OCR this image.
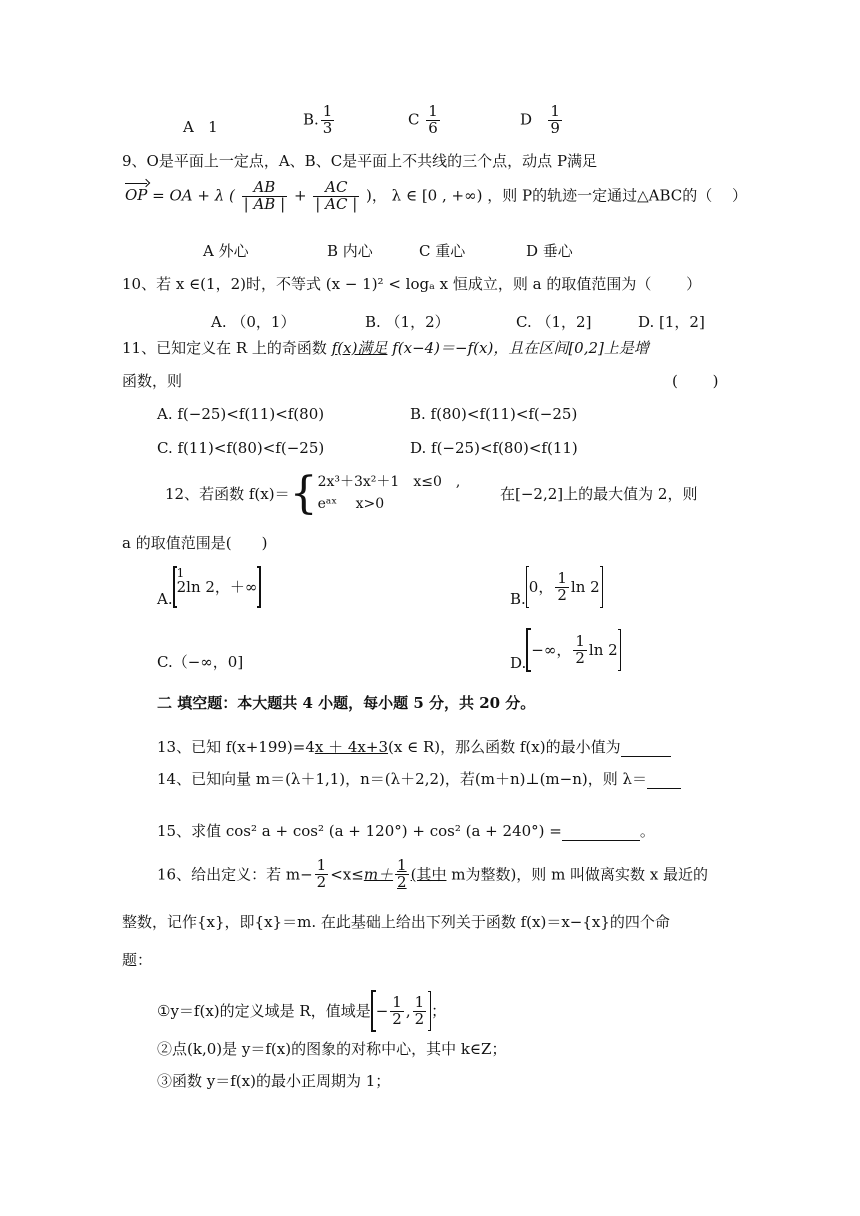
A 1	B. $\frac{1}{3}$	C $\frac{1}{6}$	D $\frac{1}{9}$
9、O是平面上一定点，A、B、C是平面上不共线的三个点，动点 P满足
OP = OA + λ ( $\frac{AB}{| AB |} + \frac{AC}{| AC |}$ )， λ ∈ [0 , +∞) ，则 P的轨迹一定通过△ABC的（　 ）
A 外心	B 内心	C 重心	D 垂心
10、若 x ∈(1，2)时，不等式 (x − 1)² < logₐ x 恒成立，则 a 的取值范围为（　　 ）
A. （0，1）	B. （1，2）	C. （1，2]	D. [1，2]
11、已知定义在 R 上的奇函数 f(x)满足 f(x−4)＝−f(x)，且在区间[0,2]上是增
函数，则	(　　 )
A. f(−25)<f(11)<f(80)	B. f(80)<f(11)<f(−25)
C. f(11)<f(80)<f(−25)	D. f(−25)<f(80)<f(11)
12、若函数 f(x)＝{ 2x³＋3x²＋1　x≤0　,
eᵃˣ　 x>0
在[−2,2]上的最大值为 2，则
a 的取值范围是(　　)
A.
1
2ln 2，＋∞
B.0， $\frac{1}{2}$ ln 2
C.（−∞，0]	D.−∞， $\frac{1}{2}$ ln 2
二 填空题：本大题共 4 小题，每小题 5 分，共 20 分。
13、已知 f(x+199)=4x ＋ 4x+3(x ∈ R)，那么函数 f(x)的最小值为
14、已知向量 m＝(λ＋1,1)，n＝(λ＋2,2)，若(m＋n)⊥(m−n)，则 λ＝
15、求值 cos² a + cos² (a + 120°) + cos² (a + 240°) =	。
16、给出定义：若 $m- \frac{1}{2} <x\le m+ \frac{1}{2}$ (其中 m为整数)，则 m 叫做离实数 x 最近的
整数，记作{x}，即{x}＝m. 在此基础上给出下列关于函数 f(x)＝x−{x}的四个命
题：
①y＝f(x)的定义域是 R，值域是 − $\frac{1}{2}$ , $\frac{1}{2}$ ；
②点(k,0)是 y＝f(x)的图象的对称中心，其中 k∈Z；
③函数 y＝f(x)的最小正周期为 1；
